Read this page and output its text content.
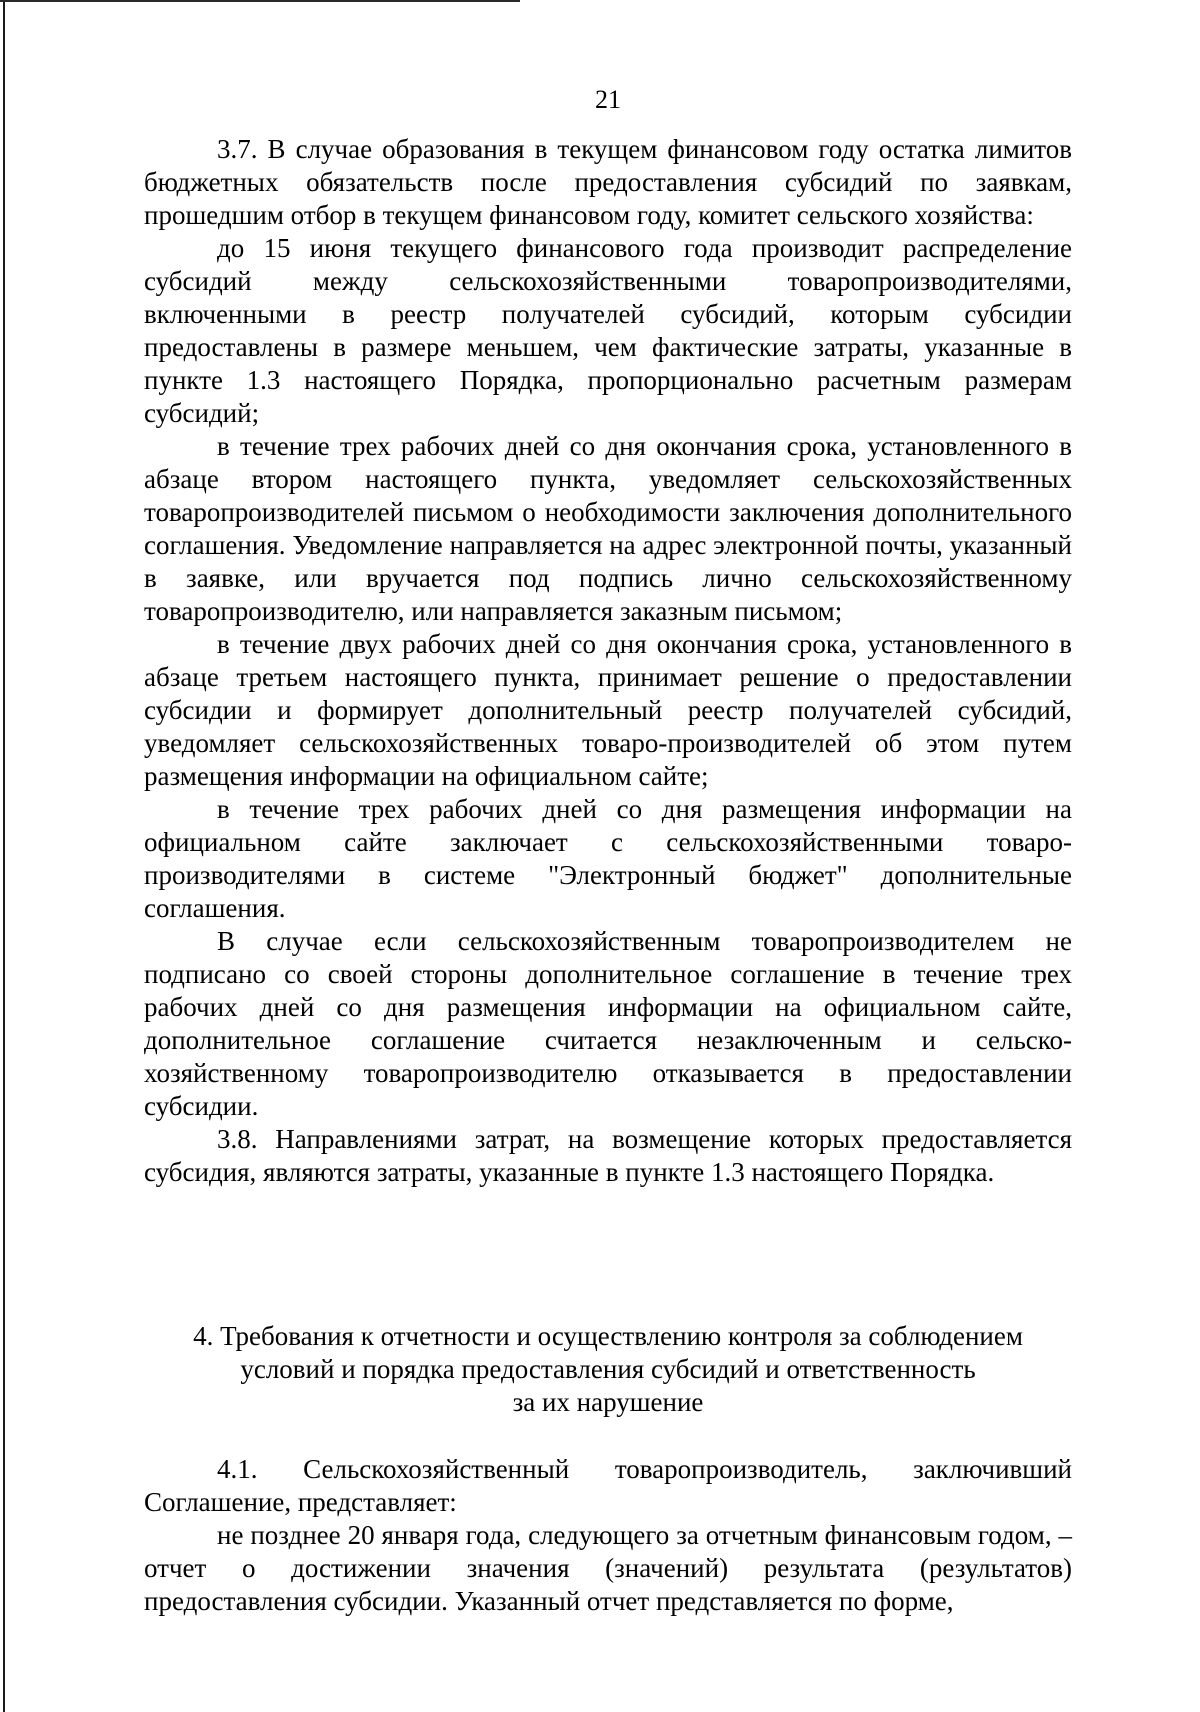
21

3.7. В случае образования в текущем финансовом году остатка лимитов бюджетных обязательств после предоставления субсидий по заявкам, прошедшим отбор в текущем финансовом году, комитет сельского хозяйства:

до 15 июня текущего финансового года производит распределение субсидий между сельскохозяйственными товаропроизводителями, включенными в реестр получателей субсидий, которым субсидии предоставлены в размере меньшем, чем фактические затраты, указанные в пункте 1.3 настоящего Порядка, пропорционально расчетным размерам субсидий;

в течение трех рабочих дней со дня окончания срока, установленного в абзаце втором настоящего пункта, уведомляет сельскохозяйственных товаропроизводителей письмом о необходимости заключения дополнительного соглашения. Уведомление направляется на адрес электронной почты, указанный в заявке, или вручается под подпись лично сельскохозяйственному товаропроизводителю, или направляется заказным письмом;

в течение двух рабочих дней со дня окончания срока, установленного в абзаце третьем настоящего пункта, принимает решение о предоставлении субсидии и формирует дополнительный реестр получателей субсидий, уведомляет сельскохозяйственных товаро-производителей об этом путем размещения информации на официальном сайте;

в течение трех рабочих дней со дня размещения информации на официальном сайте заключает с сельскохозяйственными товаро-производителями в системе "Электронный бюджет" дополнительные соглашения.

В случае если сельскохозяйственным товаропроизводителем не подписано со своей стороны дополнительное соглашение в течение трех рабочих дней со дня размещения информации на официальном сайте, дополнительное соглашение считается незаключенным и сельско-хозяйственному товаропроизводителю отказывается в предоставлении субсидии.

3.8. Направлениями затрат, на возмещение которых предоставляется субсидия, являются затраты, указанные в пункте 1.3 настоящего Порядка.

4. Требования к отчетности и осуществлению контроля за соблюдением
условий и порядка предоставления субсидий и ответственность
за их нарушение

4.1. Сельскохозяйственный товаропроизводитель, заключивший Соглашение, представляет:

не позднее 20 января года, следующего за отчетным финансовым годом, – отчет о достижении значения (значений) результата (результатов) предоставления субсидии. Указанный отчет представляется по форме,
